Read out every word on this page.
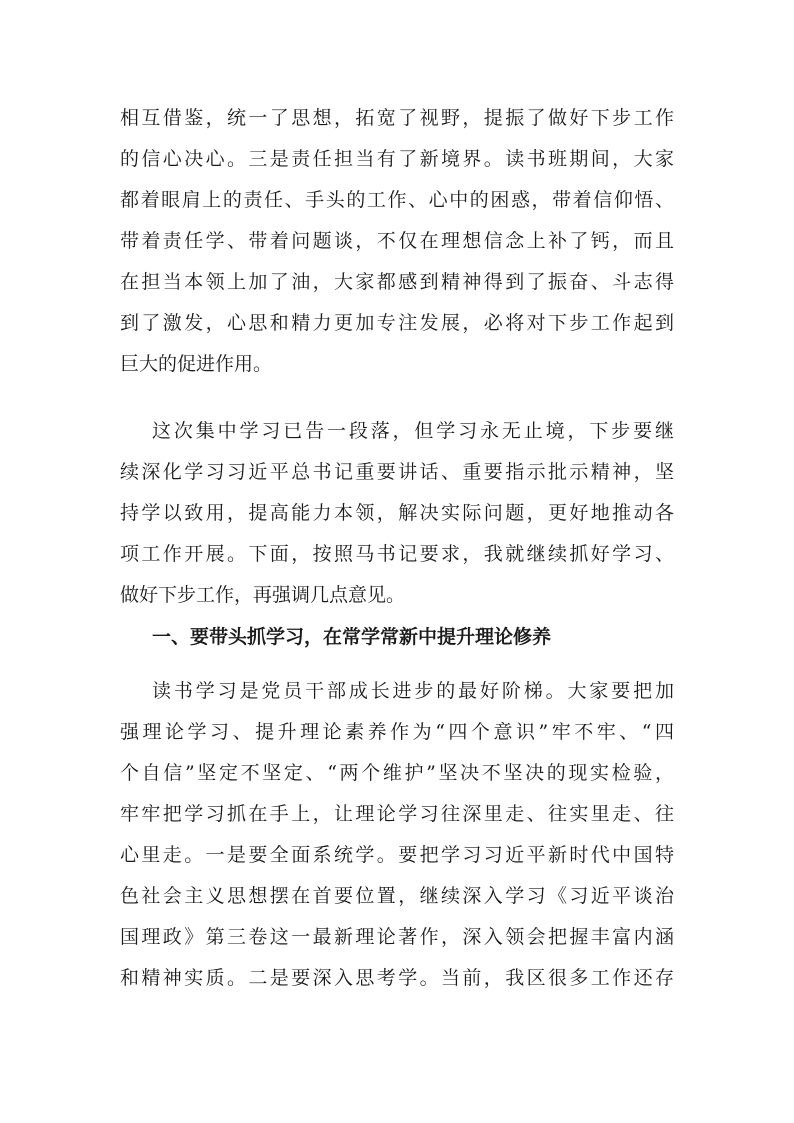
相互借鉴，统一了思想，拓宽了视野，提振了做好下步工作
的信心决心。三是责任担当有了新境界。读书班期间，大家
都着眼肩上的责任、手头的工作、心中的困惑，带着信仰悟、
带着责任学、带着问题谈，不仅在理想信念上补了钙，而且
在担当本领上加了油，大家都感到精神得到了振奋、斗志得
到了激发，心思和精力更加专注发展，必将对下步工作起到
巨大的促进作用。
这次集中学习已告一段落，但学习永无止境，下步要继
续深化学习习近平总书记重要讲话、重要指示批示精神，坚
持学以致用，提高能力本领，解决实际问题，更好地推动各
项工作开展。下面，按照马书记要求，我就继续抓好学习、
做好下步工作，再强调几点意见。
一、要带头抓学习，在常学常新中提升理论修养
读书学习是党员干部成长进步的最好阶梯。大家要把加
强理论学习、提升理论素养作为“四个意识”牢不牢、“四
个自信”坚定不坚定、“两个维护”坚决不坚决的现实检验，
牢牢把学习抓在手上，让理论学习往深里走、往实里走、往
心里走。一是要全面系统学。要把学习习近平新时代中国特
色社会主义思想摆在首要位置，继续深入学习《习近平谈治
国理政》第三卷这一最新理论著作，深入领会把握丰富内涵
和精神实质。二是要深入思考学。当前，我区很多工作还存
